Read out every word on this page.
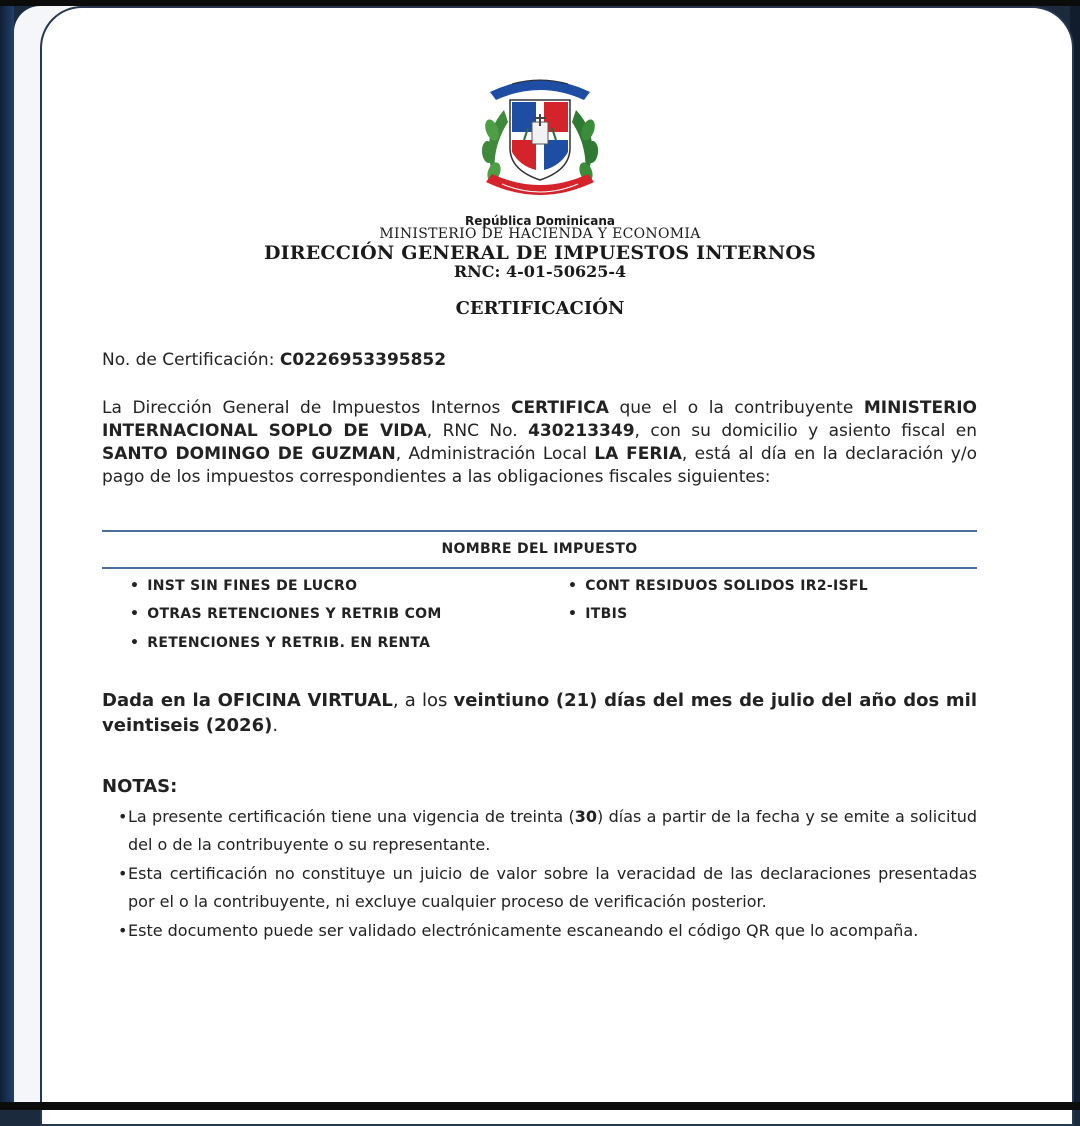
República Dominicana
MINISTERIO DE HACIENDA Y ECONOMIA
DIRECCIÓN GENERAL DE IMPUESTOS INTERNOS
RNC: 4-01-50625-4
CERTIFICACIÓN
No. de Certificación: C0226953395852
La Dirección General de Impuestos Internos CERTIFICA que el o la contribuyente MINISTERIO INTERNACIONAL SOPLO DE VIDA, RNC No. 430213349, con su domicilio y asiento fiscal en SANTO DOMINGO DE GUZMAN, Administración Local LA FERIA, está al día en la declaración y/o pago de los impuestos correspondientes a las obligaciones fiscales siguientes:
NOMBRE DEL IMPUESTO
• INST SIN FINES DE LUCRO
• OTRAS RETENCIONES Y RETRIB COM
• RETENCIONES Y RETRIB. EN RENTA
• CONT RESIDUOS SOLIDOS IR2-ISFL
• ITBIS
Dada en la OFICINA VIRTUAL, a los veintiuno (21) días del mes de julio del año dos mil veintiseis (2026).
NOTAS:
• La presente certificación tiene una vigencia de treinta (30) días a partir de la fecha y se emite a solicitud del o de la contribuyente o su representante.
• Esta certificación no constituye un juicio de valor sobre la veracidad de las declaraciones presentadas por el o la contribuyente, ni excluye cualquier proceso de verificación posterior.
• Este documento puede ser validado electrónicamente escaneando el código QR que lo acompaña.
